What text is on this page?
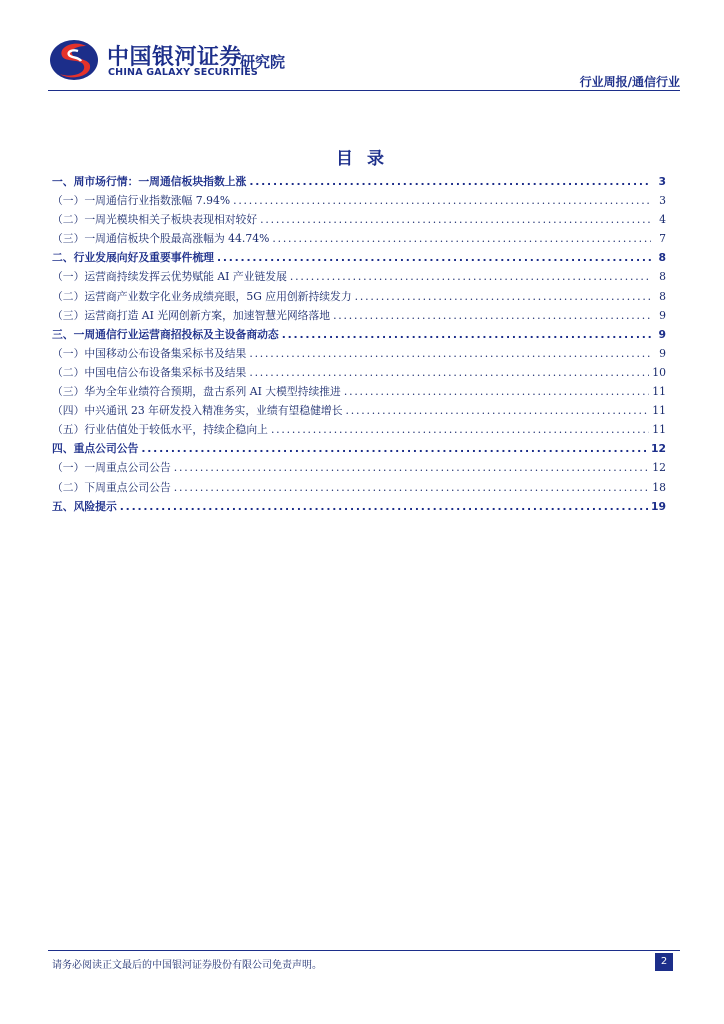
中国银河证券
CHINA GALAXY SECURITIES
研究院
行业周报/通信行业
目 录
一、周市场行情：一周通信板块指数上涨 .....	3
（一）一周通信行业指数涨幅 7.94% .....	3
（二）一周光模块相关子板块表现相对较好 .....	4
（三）一周通信板块个股最高涨幅为 44.74% .....	7
二、行业发展向好及重要事件梳理 .....	8
（一）运营商持续发挥云优势赋能 AI 产业链发展 .....	8
（二）运营商产业数字化业务成绩亮眼，5G 应用创新持续发力 .....	8
（三）运营商打造 AI 光网创新方案，加速智慧光网络落地 .....	9
三、一周通信行业运营商招投标及主设备商动态 .....	9
（一）中国移动公布设备集采标书及结果 .....	9
（二）中国电信公布设备集采标书及结果 .....	10
（三）华为全年业绩符合预期，盘古系列 AI 大模型持续推进 .....	11
（四）中兴通讯 23 年研发投入精准务实，业绩有望稳健增长 .....	11
（五）行业估值处于较低水平，持续企稳向上 .....	11
四、重点公司公告 .....	12
（一）一周重点公司公告 .....	12
（二）下周重点公司公告 .....	18
五、风险提示 .....	19
请务必阅读正文最后的中国银河证券股份有限公司免责声明。	2
